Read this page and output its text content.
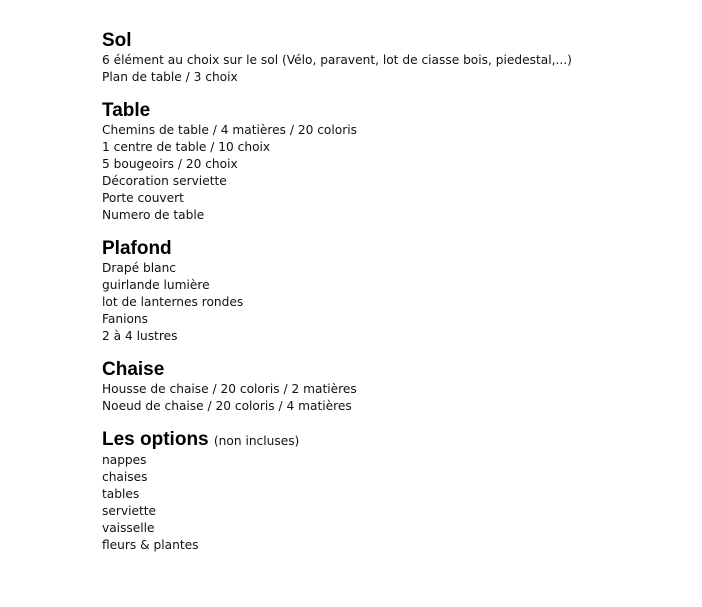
Sol
6 élément au choix sur le sol (Vélo, paravent, lot de ciasse bois, piedestal,...)
Plan de table / 3 choix
Table
Chemins de table / 4 matières / 20 coloris
1 centre de table / 10 choix
5 bougeoirs / 20 choix
Décoration serviette
Porte couvert
Numero de table
Plafond
Drapé blanc
guirlande lumière
lot de lanternes rondes
Fanions
2 à 4 lustres
Chaise
Housse de chaise / 20 coloris / 2 matières
Noeud de chaise / 20 coloris / 4 matières
Les options (non incluses)
nappes
chaises
tables
serviette
vaisselle
fleurs & plantes
